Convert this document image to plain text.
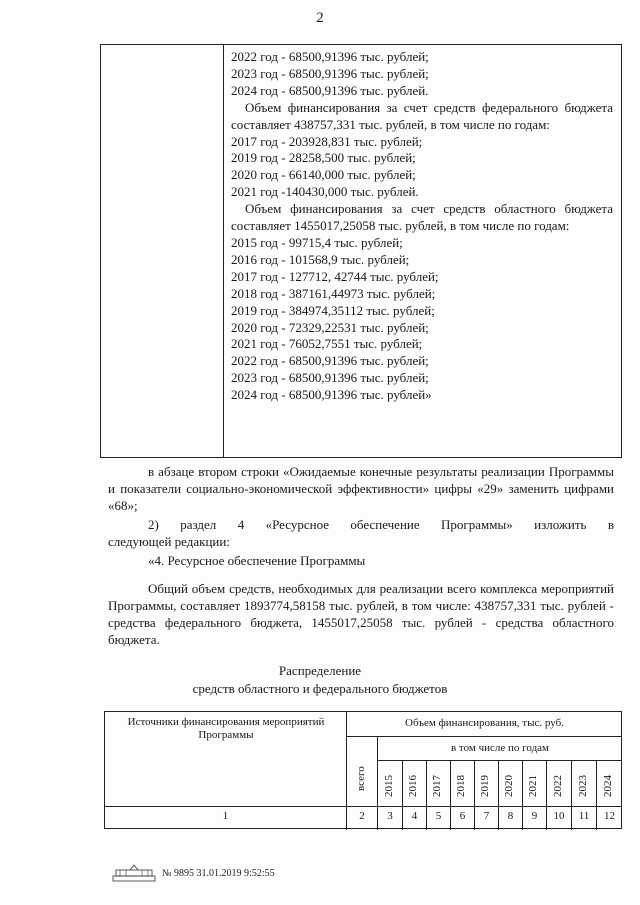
2
2022 год - 68500,91396 тыс. рублей;
2023 год - 68500,91396 тыс. рублей;
2024 год - 68500,91396 тыс. рублей.
Объем финансирования за счет средств федерального бюджета составляет 438757,331 тыс. рублей, в том числе по годам:
2017 год - 203928,831 тыс. рублей;
2019 год - 28258,500 тыс. рублей;
2020 год - 66140,000 тыс. рублей;
2021 год -140430,000 тыс. рублей.
Объем финансирования за счет средств областного бюджета составляет 1455017,25058 тыс. рублей, в том числе по годам:
2015 год - 99715,4 тыс. рублей;
2016 год - 101568,9 тыс. рублей;
2017 год - 127712, 42744 тыс. рублей;
2018 год - 387161,44973 тыс. рублей;
2019 год - 384974,35112 тыс. рублей;
2020 год - 72329,22531 тыс. рублей;
2021 год - 76052,7551 тыс. рублей;
2022 год - 68500,91396 тыс. рублей;
2023 год - 68500,91396 тыс. рублей;
2024 год - 68500,91396 тыс. рублей»
в абзаце втором строки «Ожидаемые конечные результаты реализации Программы и показатели социально-экономической эффективности» цифры «29» заменить цифрами «68»;
2) раздел 4 «Ресурсное обеспечение Программы» изложить в
следующей редакции:
«4. Ресурсное обеспечение Программы
Общий объем средств, необходимых для реализации всего комплекса мероприятий Программы, составляет 1893774,58158 тыс. рублей, в том числе: 438757,331 тыс. рублей - средства федерального бюджета, 1455017,25058 тыс. рублей - средства областного бюджета.
Распределение
средств областного и федерального бюджетов
Источники финансирования мероприятий Программы
Объем финансирования, тыс. руб.
в том числе по годам
всего 2015 2016 2017 2018 2019 2020 2021 2022 2023 2024
1	2	3	4	5	6	7	8	9	10	11	12
№ 9895 31.01.2019 9:52:55
